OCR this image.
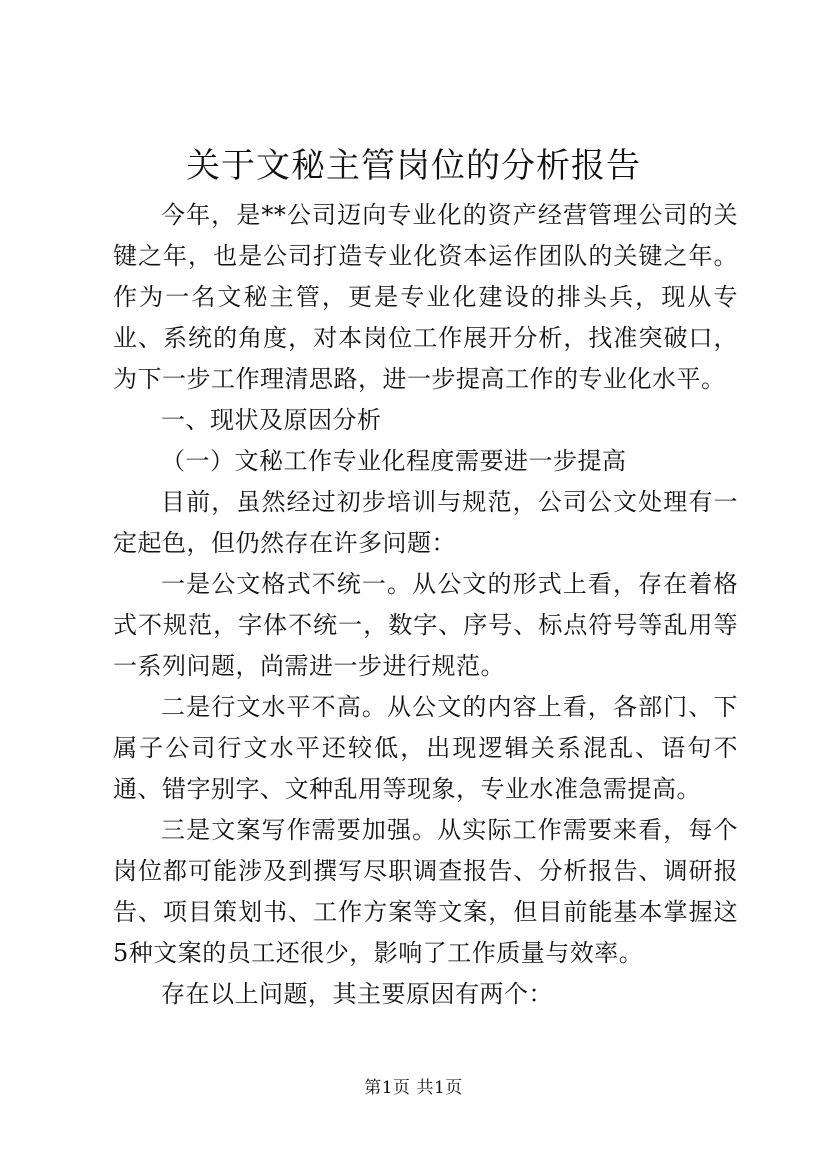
关于文秘主管岗位的分析报告

今年，是**公司迈向专业化的资产经营管理公司的关键之年，也是公司打造专业化资本运作团队的关键之年。作为一名文秘主管，更是专业化建设的排头兵，现从专业、系统的角度，对本岗位工作展开分析，找准突破口，为下一步工作理清思路，进一步提高工作的专业化水平。

一、现状及原因分析

（一）文秘工作专业化程度需要进一步提高

目前，虽然经过初步培训与规范，公司公文处理有一定起色，但仍然存在许多问题：

一是公文格式不统一。从公文的形式上看，存在着格式不规范，字体不统一，数字、序号、标点符号等乱用等一系列问题，尚需进一步进行规范。

二是行文水平不高。从公文的内容上看，各部门、下属子公司行文水平还较低，出现逻辑关系混乱、语句不通、错字别字、文种乱用等现象，专业水准急需提高。

三是文案写作需要加强。从实际工作需要来看，每个岗位都可能涉及到撰写尽职调查报告、分析报告、调研报告、项目策划书、工作方案等文案，但目前能基本掌握这5种文案的员工还很少，影响了工作质量与效率。

存在以上问题，其主要原因有两个：

第1页 共1页
